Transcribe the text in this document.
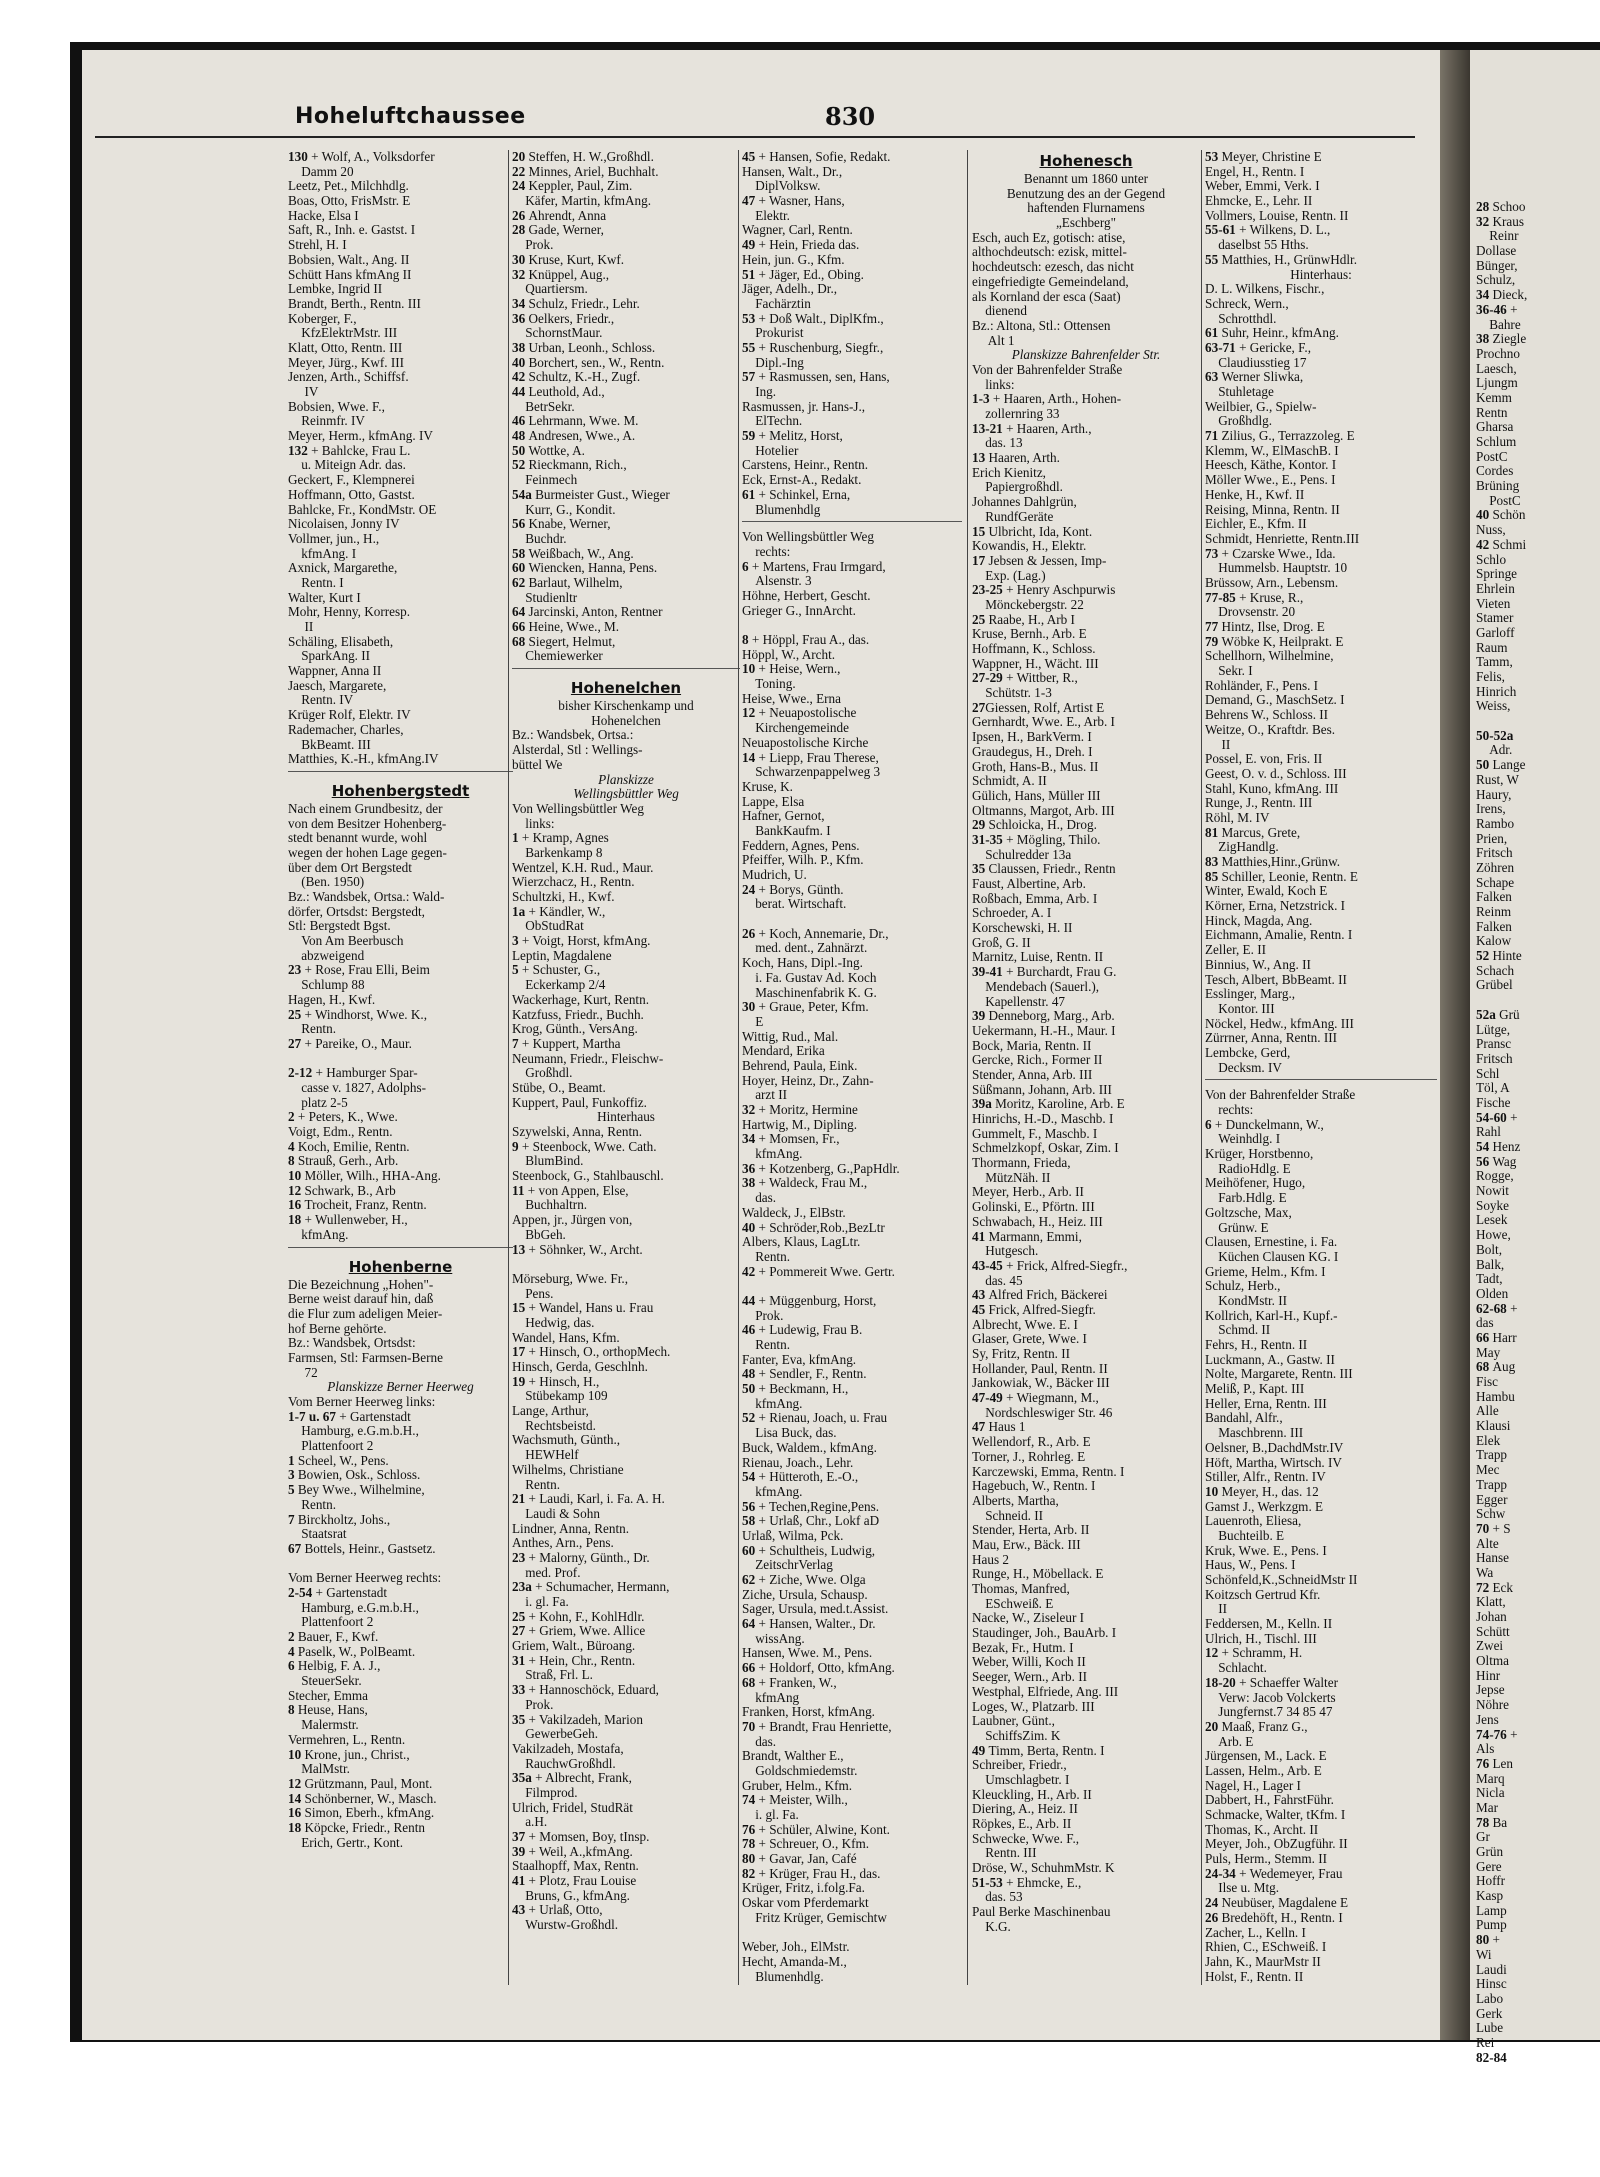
28 Schoo
32 Kraus
Reinr
Dollase
Bünger,
Schulz,
34 Dieck,
36-46 +
Bahre
38 Ziegle
Prochno
Laesch,
Ljungm
Kemm
Rentn
Gharsa
Schlum
PostC
Cordes
Brüning
PostC
40 Schön
Nuss,
42 Schmi
Schlo
Springe
Ehrlein
Vieten
Stamer
Garloff
Raum
Tamm,
Felis,
Hinrich
Weiss,
50-52a
Adr.
50 Lange
Rust, W
Haury,
Irens,
Rambo
Prien,
Fritsch
Zöhren
Schape
Falken
Reinm
Falken
Kalow
52 Hinte
Schach
Grübel
52a Grü
Lütge,
Pransc
Fritsch
Schl
Töl, A
Fische
54-60 +
Rahl
54 Henz
56 Wag
Rogge,
Nowit
Soyke
Lesek
Howe,
Bolt,
Balk,
Tadt,
Olden
62-68 +
das
66 Harr
May
68 Aug
Fisc
Hambu
Alle
Klausi
Elek
Trapp
Mec
Trapp
Egger
Schw
70 + S
Alte
Hanse
Wa
72 Eck
Klatt,
Johan
Schütt
Zwei
Oltma
Hinr
Jepse
Nöhre
Jens
74-76 +
Als
76 Len
Marq
Nicla
Mar
78 Ba
Gr
Grün
Gere
Hoffr
Kasp
Lamp
Pump
80 +
Wi
Laudi
Hinsc
Labo
Gerk
Lube
Rei
82-84
Hoheluftchaussee	830
130 + Wolf, A., Volksdorfer
Damm 20
Leetz, Pet., Milchhdlg.
Boas, Otto, FrisMstr. E
Hacke, Elsa I
Saft, R., Inh. e. Gastst. I
Strehl, H. I
Bobsien, Walt., Ang. II
Schütt Hans kfmAng II
Lembke, Ingrid II
Brandt, Berth., Rentn. III
Koberger, F.,
KfzElektrMstr. III
Klatt, Otto, Rentn. III
Meyer, Jürg., Kwf. III
Jenzen, Arth., Schiffsf.
IV
Bobsien, Wwe. F.,
Reinmfr. IV
Meyer, Herm., kfmAng. IV
132 + Bahlcke, Frau L.
u. Miteign Adr. das.
Geckert, F., Klempnerei
Hoffmann, Otto, Gastst.
Bahlcke, Fr., KondMstr. OE
Nicolaisen, Jonny IV
Vollmer, jun., H.,
kfmAng. I
Axnick, Margarethe,
Rentn. I
Walter, Kurt I
Mohr, Henny, Korresp.
II
Schäling, Elisabeth,
SparkAng. II
Wappner, Anna II
Jaesch, Margarete,
Rentn. IV
Krüger Rolf, Elektr. IV
Rademacher, Charles,
BkBeamt. III
Matthies, K.-H., kfmAng.IV
Hohenbergstedt
Nach einem Grundbesitz, der
von dem Besitzer Hohenberg-
stedt benannt wurde, wohl
wegen der hohen Lage gegen-
über dem Ort Bergstedt
(Ben. 1950)
Bz.: Wandsbek, Ortsa.: Wald-
dörfer, Ortsdst: Bergstedt,
Stl: Bergstedt Bgst.
Von Am Beerbusch
abzweigend
23 + Rose, Frau Elli, Beim
Schlump 88
Hagen, H., Kwf.
25 + Windhorst, Wwe. K.,
Rentn.
27 + Pareike, O., Maur.
2-12 + Hamburger Spar-
casse v. 1827, Adolphs-
platz 2-5
2 + Peters, K., Wwe.
Voigt, Edm., Rentn.
4 Koch, Emilie, Rentn.
8 Strauß, Gerh., Arb.
10 Möller, Wilh., HHA-Ang.
12 Schwark, B., Arb
16 Trocheit, Franz, Rentn.
18 + Wullenweber, H.,
kfmAng.
Hohenberne
Die Bezeichnung „Hohen"-
Berne weist darauf hin, daß
die Flur zum adeligen Meier-
hof Berne gehörte.
Bz.: Wandsbek, Ortsdst:
Farmsen, Stl: Farmsen-Berne
72
Planskizze Berner Heerweg
Vom Berner Heerweg links:
1-7 u. 67 + Gartenstadt
Hamburg, e.G.m.b.H.,
Plattenfoort 2
1 Scheel, W., Pens.
3 Bowien, Osk., Schloss.
5 Bey Wwe., Wilhelmine,
Rentn.
7 Birckholtz, Johs.,
Staatsrat
67 Bottels, Heinr., Gastsetz.
Vom Berner Heerweg rechts:
2-54 + Gartenstadt
Hamburg, e.G.m.b.H.,
Plattenfoort 2
2 Bauer, F., Kwf.
4 Paselk, W., PolBeamt.
6 Helbig, F. A. J.,
SteuerSekr.
Stecher, Emma
8 Heuse, Hans,
Malermstr.
Vermehren, L., Rentn.
10 Krone, jun., Christ.,
MalMstr.
12 Grützmann, Paul, Mont.
14 Schönberner, W., Masch.
16 Simon, Eberh., kfmAng.
18 Köpcke, Friedr., Rentn
Erich, Gertr., Kont.
20 Steffen, H. W.,Großhdl.
22 Minnes, Ariel, Buchhalt.
24 Keppler, Paul, Zim.
Käfer, Martin, kfmAng.
26 Ahrendt, Anna
28 Gade, Werner,
Prok.
30 Kruse, Kurt, Kwf.
32 Knüppel, Aug.,
Quartiersm.
34 Schulz, Friedr., Lehr.
36 Oelkers, Friedr.,
SchornstMaur.
38 Urban, Leonh., Schloss.
40 Borchert, sen., W., Rentn.
42 Schultz, K.-H., Zugf.
44 Leuthold, Ad.,
BetrSekr.
46 Lehrmann, Wwe. M.
48 Andresen, Wwe., A.
50 Wottke, A.
52 Rieckmann, Rich.,
Feinmech
54a Burmeister Gust., Wieger
Kurr, G., Kondit.
56 Knabe, Werner,
Buchdr.
58 Weißbach, W., Ang.
60 Wiencken, Hanna, Pens.
62 Barlaut, Wilhelm,
Studienltr
64 Jarcinski, Anton, Rentner
66 Heine, Wwe., M.
68 Siegert, Helmut,
Chemiewerker
Hohenelchen
bisher Kirschenkamp und
Hohenelchen
Bz.: Wandsbek, Ortsa.:
Alsterdal, Stl : Wellings-
büttel We
Planskizze
Wellingsbüttler Weg
Von Wellingsbüttler Weg
links:
1 + Kramp, Agnes
Barkenkamp 8
Wentzel, K.H. Rud., Maur.
Wierzchacz, H., Rentn.
Schultzki, H., Kwf.
1a + Kändler, W.,
ObStudRat
3 + Voigt, Horst, kfmAng.
Leptin, Magdalene
5 + Schuster, G.,
Eckerkamp 2/4
Wackerhage, Kurt, Rentn.
Katzfuss, Friedr., Buchh.
Krog, Günth., VersAng.
7 + Kuppert, Martha
Neumann, Friedr., Fleischw-
Großhdl.
Stübe, O., Beamt.
Kuppert, Paul, Funkoffiz.
Hinterhaus
Szywelski, Anna, Rentn.
9 + Steenbock, Wwe. Cath.
BlumBind.
Steenbock, G., Stahlbauschl.
11 + von Appen, Else,
Buchhaltrn.
Appen, jr., Jürgen von,
BbGeh.
13 + Söhnker, W., Archt.
Mörseburg, Wwe. Fr.,
Pens.
15 + Wandel, Hans u. Frau
Hedwig, das.
Wandel, Hans, Kfm.
17 + Hinsch, O., orthopMech.
Hinsch, Gerda, Geschlnh.
19 + Hinsch, H.,
Stübekamp 109
Lange, Arthur,
Rechtsbeistd.
Wachsmuth, Günth.,
HEWHelf
Wilhelms, Christiane
Rentn.
21 + Laudi, Karl, i. Fa. A. H.
Laudi & Sohn
Lindner, Anna, Rentn.
Anthes, Arn., Pens.
23 + Malorny, Günth., Dr.
med. Prof.
23a + Schumacher, Hermann,
i. gl. Fa.
25 + Kohn, F., KohlHdlr.
27 + Griem, Wwe. Allice
Griem, Walt., Büroang.
31 + Hein, Chr., Rentn.
Straß, Frl. L.
33 + Hannoschöck, Eduard,
Prok.
35 + Vakilzadeh, Marion
GewerbeGeh.
Vakilzadeh, Mostafa,
RauchwGroßhdl.
35a + Albrecht, Frank,
Filmprod.
Ulrich, Fridel, StudRät
a.H.
37 + Momsen, Boy, tInsp.
39 + Weil, A.,kfmAng.
Staalhopff, Max, Rentn.
41 + Plotz, Frau Louise
Bruns, G., kfmAng.
43 + Urlaß, Otto,
Wurstw-Großhdl.
45 + Hansen, Sofie, Redakt.
Hansen, Walt., Dr.,
DiplVolksw.
47 + Wasner, Hans,
Elektr.
Wagner, Carl, Rentn.
49 + Hein, Frieda das.
Hein, jun. G., Kfm.
51 + Jäger, Ed., Obing.
Jäger, Adelh., Dr.,
Fachärztin
53 + Doß Walt., DiplKfm.,
Prokurist
55 + Ruschenburg, Siegfr.,
Dipl.-Ing
57 + Rasmussen, sen, Hans,
Ing.
Rasmussen, jr. Hans-J.,
ElTechn.
59 + Melitz, Horst,
Hotelier
Carstens, Heinr., Rentn.
Eck, Ernst-A., Redakt.
61 + Schinkel, Erna,
Blumenhdlg
Von Wellingsbüttler Weg
rechts:
6 + Martens, Frau Irmgard,
Alsenstr. 3
Höhne, Herbert, Gescht.
Grieger G., InnArcht.
8 + Höppl, Frau A., das.
Höppl, W., Archt.
10 + Heise, Wern.,
Toning.
Heise, Wwe., Erna
12 + Neuapostolische
Kirchengemeinde
Neuapostolische Kirche
14 + Liepp, Frau Therese,
Schwarzenpappelweg 3
Kruse, K.
Lappe, Elsa
Hafner, Gernot,
BankKaufm. I
Feddern, Agnes, Pens.
Pfeiffer, Wilh. P., Kfm.
Mudrich, U.
24 + Borys, Günth.
berat. Wirtschaft.
26 + Koch, Annemarie, Dr.,
med. dent., Zahnärzt.
Koch, Hans, Dipl.-Ing.
i. Fa. Gustav Ad. Koch
Maschinenfabrik K. G.
30 + Graue, Peter, Kfm.
E
Wittig, Rud., Mal.
Mendard, Erika
Behrend, Paula, Eink.
Hoyer, Heinz, Dr., Zahn-
arzt II
32 + Moritz, Hermine
Hartwig, M., Dipling.
34 + Momsen, Fr.,
kfmAng.
36 + Kotzenberg, G.,PapHdlr.
38 + Waldeck, Frau M.,
das.
Waldeck, J., ElBstr.
40 + Schröder,Rob.,BezLtr
Albers, Klaus, LagLtr.
Rentn.
42 + Pommereit Wwe. Gertr.
44 + Müggenburg, Horst,
Prok.
46 + Ludewig, Frau B.
Rentn.
Fanter, Eva, kfmAng.
48 + Sendler, F., Rentn.
50 + Beckmann, H.,
kfmAng.
52 + Rienau, Joach, u. Frau
Lisa Buck, das.
Buck, Waldem., kfmAng.
Rienau, Joach., Lehr.
54 + Hütteroth, E.-O.,
kfmAng.
56 + Techen,Regine,Pens.
58 + Urlaß, Chr., Lokf aD
Urlaß, Wilma, Pck.
60 + Schultheis, Ludwig,
ZeitschrVerlag
62 + Ziche, Wwe. Olga
Ziche, Ursula, Schausp.
Sager, Ursula, med.t.Assist.
64 + Hansen, Walter., Dr.
wissAng.
Hansen, Wwe. M., Pens.
66 + Holdorf, Otto, kfmAng.
68 + Franken, W.,
kfmAng
Franken, Horst, kfmAng.
70 + Brandt, Frau Henriette,
das.
Brandt, Walther E.,
Goldschmiedemstr.
Gruber, Helm., Kfm.
74 + Meister, Wilh.,
i. gl. Fa.
76 + Schüler, Alwine, Kont.
78 + Schreuer, O., Kfm.
80 + Gavar, Jan, Café
82 + Krüger, Frau H., das.
Krüger, Fritz, i.folg.Fa.
Oskar vom Pferdemarkt
Fritz Krüger, Gemischtw
Weber, Joh., ElMstr.
Hecht, Amanda-M.,
Blumenhdlg.
Hohenesch
Benannt um 1860 unter
Benutzung des an der Gegend
haftenden Flurnamens
„Eschberg"
Esch, auch Ez, gotisch: atise,
althochdeutsch: ezisk, mittel-
hochdeutsch: ezesch, das nicht
eingefriedigte Gemeindeland,
als Kornland der esca (Saat)
dienend
Bz.: Altona, Stl.: Ottensen
Alt 1
Planskizze Bahrenfelder Str.
Von der Bahrenfelder Straße
links:
1-3 + Haaren, Arth., Hohen-
zollernring 33
13-21 + Haaren, Arth.,
das. 13
13 Haaren, Arth.
Erich Kienitz,
Papiergroßhdl.
Johannes Dahlgrün,
RundfGeräte
15 Ulbricht, Ida, Kont.
Kowandis, H., Elektr.
17 Jebsen & Jessen, Imp-
Exp. (Lag.)
23-25 + Henry Aschpurwis
Mönckebergstr. 22
25 Raabe, H., Arb I
Kruse, Bernh., Arb. E
Hoffmann, K., Schloss.
Wappner, H., Wächt. III
27-29 + Wittber, R.,
Schütstr. 1-3
27Giessen, Rolf, Artist E
Gernhardt, Wwe. E., Arb. I
Ipsen, H., BarkVerm. I
Graudegus, H., Dreh. I
Groth, Hans-B., Mus. II
Schmidt, A. II
Gülich, Hans, Müller III
Oltmanns, Margot, Arb. III
29 Schloicka, H., Drog.
31-35 + Mögling, Thilo.
Schulredder 13a
35 Claussen, Friedr., Rentn
Faust, Albertine, Arb.
Roßbach, Emma, Arb. I
Schroeder, A. I
Korschewski, H. II
Groß, G. II
Marnitz, Luise, Rentn. II
39-41 + Burchardt, Frau G.
Mendebach (Sauerl.),
Kapellenstr. 47
39 Denneborg, Marg., Arb.
Uekermann, H.-H., Maur. I
Bock, Maria, Rentn. II
Gercke, Rich., Former II
Stender, Anna, Arb. III
Süßmann, Johann, Arb. III
39a Moritz, Karoline, Arb. E
Hinrichs, H.-D., Maschb. I
Gummelt, F., Maschb. I
Schmelzkopf, Oskar, Zim. I
Thormann, Frieda,
MützNäh. II
Meyer, Herb., Arb. II
Golinski, E., Pförtn. III
Schwabach, H., Heiz. III
41 Marmann, Emmi,
Hutgesch.
43-45 + Frick, Alfred-Siegfr.,
das. 45
43 Alfred Frich, Bäckerei
45 Frick, Alfred-Siegfr.
Albrecht, Wwe. E. I
Glaser, Grete, Wwe. I
Sy, Fritz, Rentn. II
Hollander, Paul, Rentn. II
Jankowiak, W., Bäcker III
47-49 + Wiegmann, M.,
Nordschleswiger Str. 46
47 Haus 1
Wellendorf, R., Arb. E
Torner, J., Rohrleg. E
Karczewski, Emma, Rentn. I
Hagebuch, W., Rentn. I
Alberts, Martha,
Schneid. II
Stender, Herta, Arb. II
Mau, Erw., Bäck. III
Haus 2
Runge, H., Möbellack. E
Thomas, Manfred,
ESchweiß. E
Nacke, W., Ziseleur I
Staudinger, Joh., BauArb. I
Bezak, Fr., Hutm. I
Weber, Willi, Koch II
Seeger, Wern., Arb. II
Westphal, Elfriede, Ang. III
Loges, W., Platzarb. III
Laubner, Günt.,
SchiffsZim. K
49 Timm, Berta, Rentn. I
Schreiber, Friedr.,
Umschlagbetr. I
Kleuckling, H., Arb. II
Diering, A., Heiz. II
Röpkes, E., Arb. II
Schwecke, Wwe. F.,
Rentn. III
Dröse, W., SchuhmMstr. K
51-53 + Ehmcke, E.,
das. 53
Paul Berke Maschinenbau
K.G.
53 Meyer, Christine E
Engel, H., Rentn. I
Weber, Emmi, Verk. I
Ehmcke, E., Lehr. II
Vollmers, Louise, Rentn. II
55-61 + Wilkens, D. L.,
daselbst 55 Hths.
55 Matthies, H., GrünwHdlr.
Hinterhaus:
D. L. Wilkens, Fischr.,
Schreck, Wern.,
Schrotthdl.
61 Suhr, Heinr., kfmAng.
63-71 + Gericke, F.,
Claudiusstieg 17
63 Werner Sliwka,
Stuhletage
Weilbier, G., Spielw-
Großhdlg.
71 Zilius, G., Terrazzoleg. E
Klemm, W., ElMaschB. I
Heesch, Käthe, Kontor. I
Möller Wwe., E., Pens. I
Henke, H., Kwf. II
Reising, Minna, Rentn. II
Eichler, E., Kfm. II
Schmidt, Henriette, Rentn.III
73 + Czarske Wwe., Ida.
Hummelsb. Hauptstr. 10
Brüssow, Arn., Lebensm.
77-85 + Kruse, R.,
Drovsenstr. 20
77 Hintz, Ilse, Drog. E
79 Wöbke K, Heilprakt. E
Schellhorn, Wilhelmine,
Sekr. I
Rohländer, F., Pens. I
Demand, G., MaschSetz. I
Behrens W., Schloss. II
Weitze, O., Kraftdr. Bes.
II
Possel, E. von, Fris. II
Geest, O. v. d., Schloss. III
Stahl, Kuno, kfmAng. III
Runge, J., Rentn. III
Röhl, M. IV
81 Marcus, Grete,
ZigHandlg.
83 Matthies,Hinr.,Grünw.
85 Schiller, Leonie, Rentn. E
Winter, Ewald, Koch E
Körner, Erna, Netzstrick. I
Hinck, Magda, Ang.
Eichmann, Amalie, Rentn. I
Zeller, E. II
Binnius, W., Ang. II
Tesch, Albert, BbBeamt. II
Esslinger, Marg.,
Kontor. III
Nöckel, Hedw., kfmAng. III
Zürrner, Anna, Rentn. III
Lembcke, Gerd,
Decksm. IV
Von der Bahrenfelder Straße
rechts:
6 + Dunckelmann, W.,
Weinhdlg. I
Krüger, Horstbenno,
RadioHdlg. E
Meihöfener, Hugo,
Farb.Hdlg. E
Goltzsche, Max,
Grünw. E
Clausen, Ernestine, i. Fa.
Küchen Clausen KG. I
Grieme, Helm., Kfm. I
Schulz, Herb.,
KondMstr. II
Kollrich, Karl-H., Kupf.-
Schmd. II
Fehrs, H., Rentn. II
Luckmann, A., Gastw. II
Nolte, Margarete, Rentn. III
Meliß, P., Kapt. III
Heller, Erna, Rentn. III
Bandahl, Alfr.,
Maschbrenn. III
Oelsner, B.,DachdMstr.IV
Höft, Martha, Wirtsch. IV
Stiller, Alfr., Rentn. IV
10 Meyer, H., das. 12
Gamst J., Werkzgm. E
Lauenroth, Eliesa,
Buchteilb. E
Kruk, Wwe. E., Pens. I
Haus, W., Pens. I
Schönfeld,K.,SchneidMstr II
Koitzsch Gertrud Kfr.
II
Feddersen, M., Kelln. II
Ulrich, H., Tischl. III
12 + Schramm, H.
Schlacht.
18-20 + Schaeffer Walter
Verw: Jacob Volckerts
Jungfernst.7 34 85 47
20 Maaß, Franz G.,
Arb. E
Jürgensen, M., Lack. E
Lassen, Helm., Arb. E
Nagel, H., Lager I
Dabbert, H., FahrstFühr.
Schmacke, Walter, tKfm. I
Thomas, K., Archt. II
Meyer, Joh., ObZugführ. II
Puls, Herm., Stemm. II
24-34 + Wedemeyer, Frau
Ilse u. Mtg.
24 Neubüser, Magdalene E
26 Bredehöft, H., Rentn. I
Zacher, L., Kelln. I
Rhien, C., ESchweiß. I
Jahn, K., MaurMstr II
Holst, F., Rentn. II
